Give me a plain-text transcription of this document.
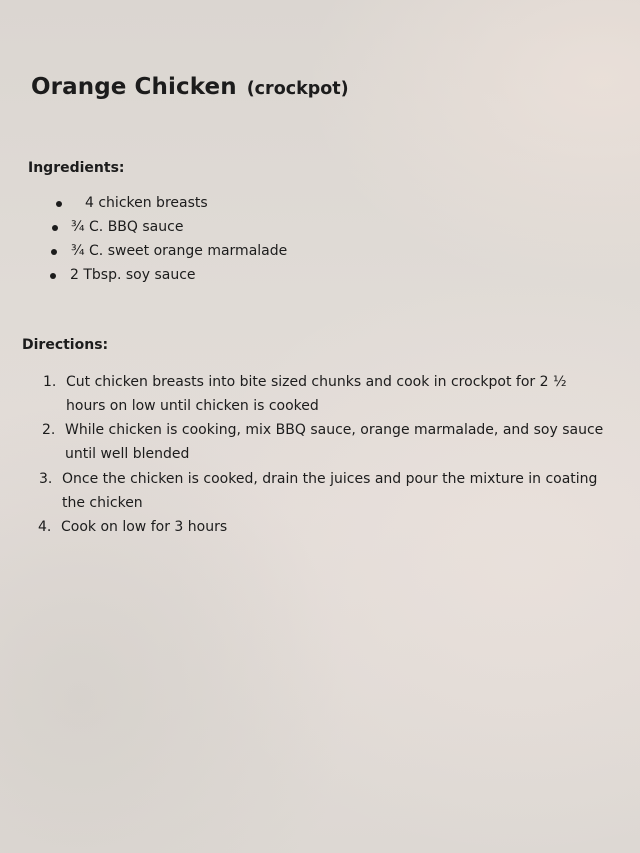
Orange Chicken (crockpot)
Ingredients:
4 chicken breasts
¾ C. BBQ sauce
¾ C. sweet orange marmalade
2 Tbsp. soy sauce
Directions:
1. Cut chicken breasts into bite sized chunks and cook in crockpot for 2 ½
hours on low until chicken is cooked
2. While chicken is cooking, mix BBQ sauce, orange marmalade, and soy sauce
until well blended
3. Once the chicken is cooked, drain the juices and pour the mixture in coating
the chicken
4. Cook on low for 3 hours
